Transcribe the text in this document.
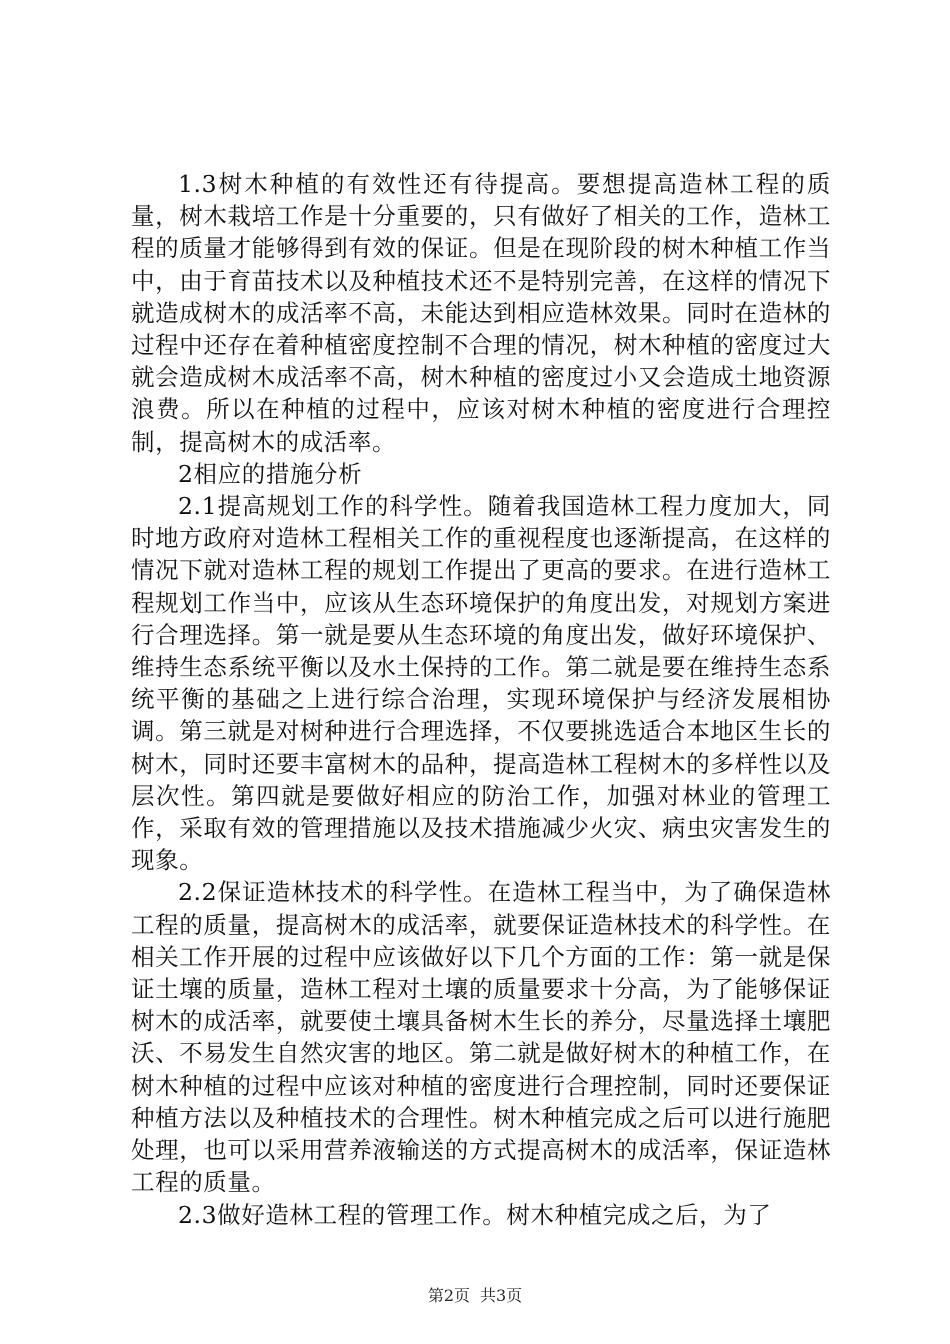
1.3树木种植的有效性还有待提高。要想提高造林工程的质量，树木栽培工作是十分重要的，只有做好了相关的工作，造林工程的质量才能够得到有效的保证。但是在现阶段的树木种植工作当中，由于育苗技术以及种植技术还不是特别完善，在这样的情况下就造成树木的成活率不高，未能达到相应造林效果。同时在造林的过程中还存在着种植密度控制不合理的情况，树木种植的密度过大就会造成树木成活率不高，树木种植的密度过小又会造成土地资源浪费。所以在种植的过程中，应该对树木种植的密度进行合理控制，提高树木的成活率。

2相应的措施分析

2.1提高规划工作的科学性。随着我国造林工程力度加大，同时地方政府对造林工程相关工作的重视程度也逐渐提高，在这样的情况下就对造林工程的规划工作提出了更高的要求。在进行造林工程规划工作当中，应该从生态环境保护的角度出发，对规划方案进行合理选择。第一就是要从生态环境的角度出发，做好环境保护、维持生态系统平衡以及水土保持的工作。第二就是要在维持生态系统平衡的基础之上进行综合治理，实现环境保护与经济发展相协调。第三就是对树种进行合理选择，不仅要挑选适合本地区生长的树木，同时还要丰富树木的品种，提高造林工程树木的多样性以及层次性。第四就是要做好相应的防治工作，加强对林业的管理工作，采取有效的管理措施以及技术措施减少火灾、病虫灾害发生的现象。

2.2保证造林技术的科学性。在造林工程当中，为了确保造林工程的质量，提高树木的成活率，就要保证造林技术的科学性。在相关工作开展的过程中应该做好以下几个方面的工作：第一就是保证土壤的质量，造林工程对土壤的质量要求十分高，为了能够保证树木的成活率，就要使土壤具备树木生长的养分，尽量选择土壤肥沃、不易发生自然灾害的地区。第二就是做好树木的种植工作，在树木种植的过程中应该对种植的密度进行合理控制，同时还要保证种植方法以及种植技术的合理性。树木种植完成之后可以进行施肥处理，也可以采用营养液输送的方式提高树木的成活率，保证造林工程的质量。

2.3做好造林工程的管理工作。树木种植完成之后，为了

第2页 共3页
